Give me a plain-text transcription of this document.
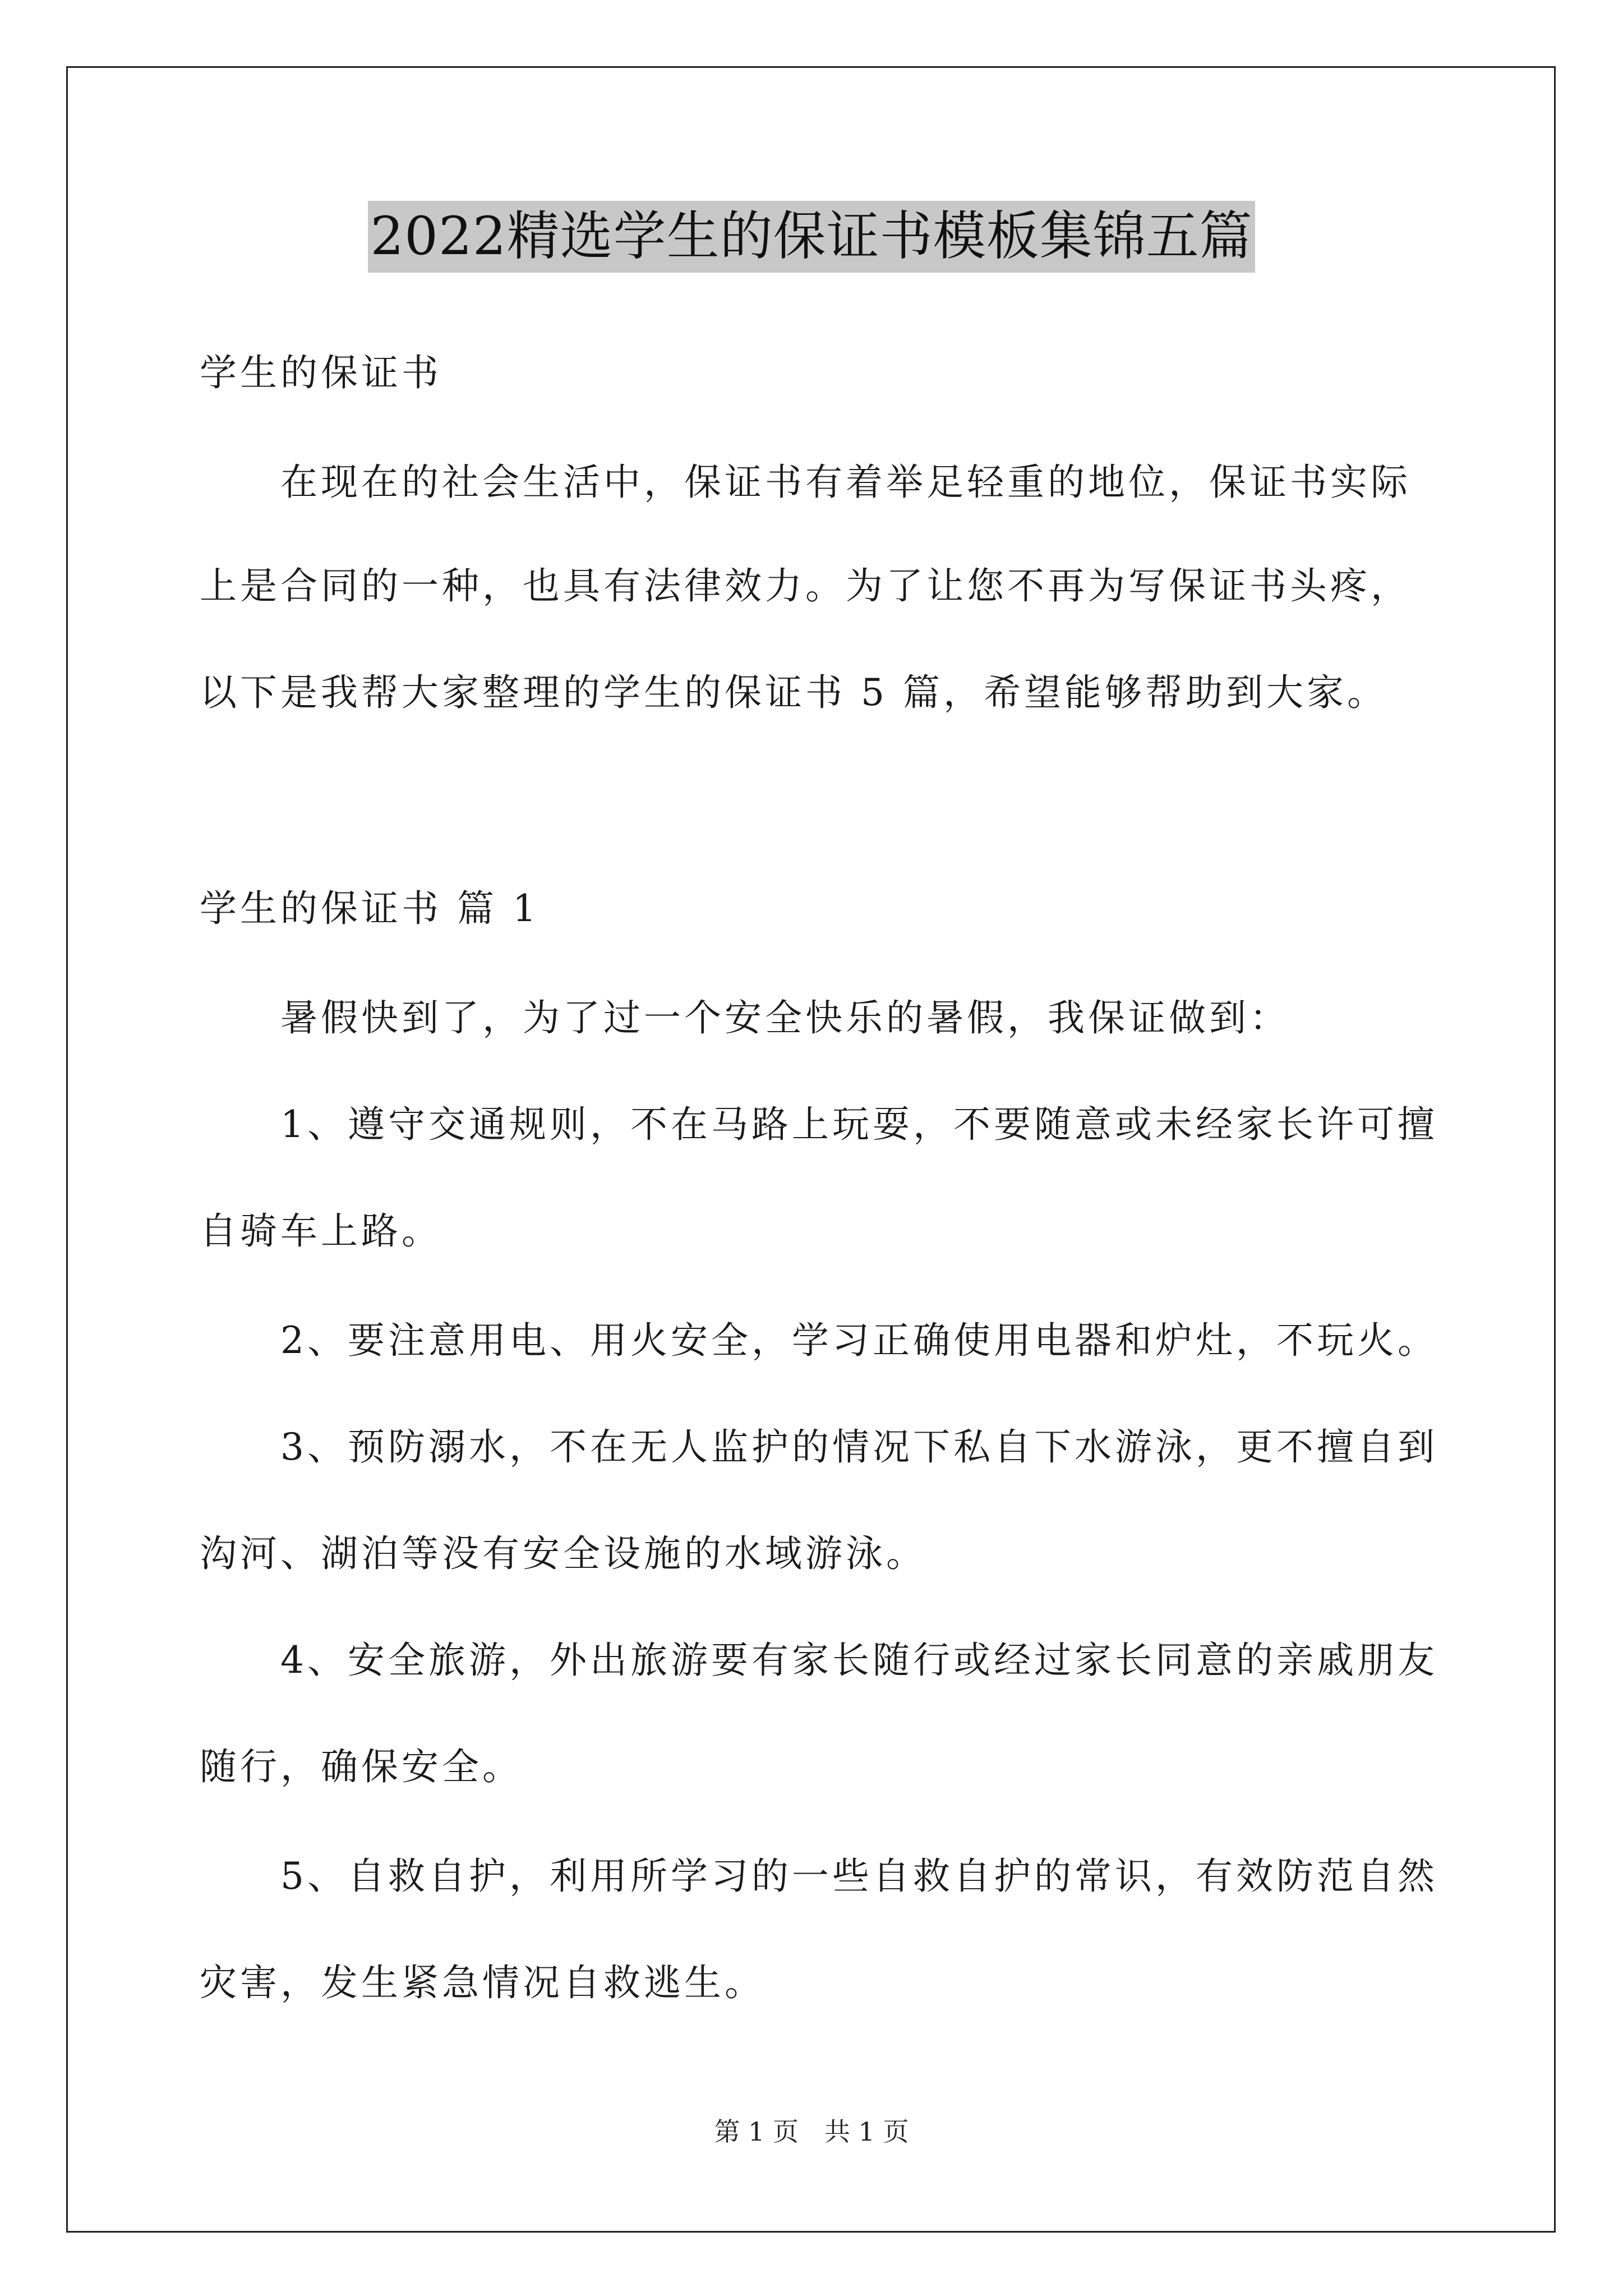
2022精选学生的保证书模板集锦五篇
学生的保证书
在现在的社会生活中，保证书有着举足轻重的地位，保证书实际
上是合同的一种，也具有法律效力。为了让您不再为写保证书头疼，
以下是我帮大家整理的学生的保证书 5 篇，希望能够帮助到大家。
学生的保证书 篇 1
暑假快到了，为了过一个安全快乐的暑假，我保证做到：
1、遵守交通规则，不在马路上玩耍，不要随意或未经家长许可擅
自骑车上路。
2、要注意用电、用火安全，学习正确使用电器和炉灶，不玩火。
3、预防溺水，不在无人监护的情况下私自下水游泳，更不擅自到
沟河、湖泊等没有安全设施的水域游泳。
4、安全旅游，外出旅游要有家长随行或经过家长同意的亲戚朋友
随行，确保安全。
5、自救自护，利用所学习的一些自救自护的常识，有效防范自然
灾害，发生紧急情况自救逃生。
第 1 页　共 1 页
